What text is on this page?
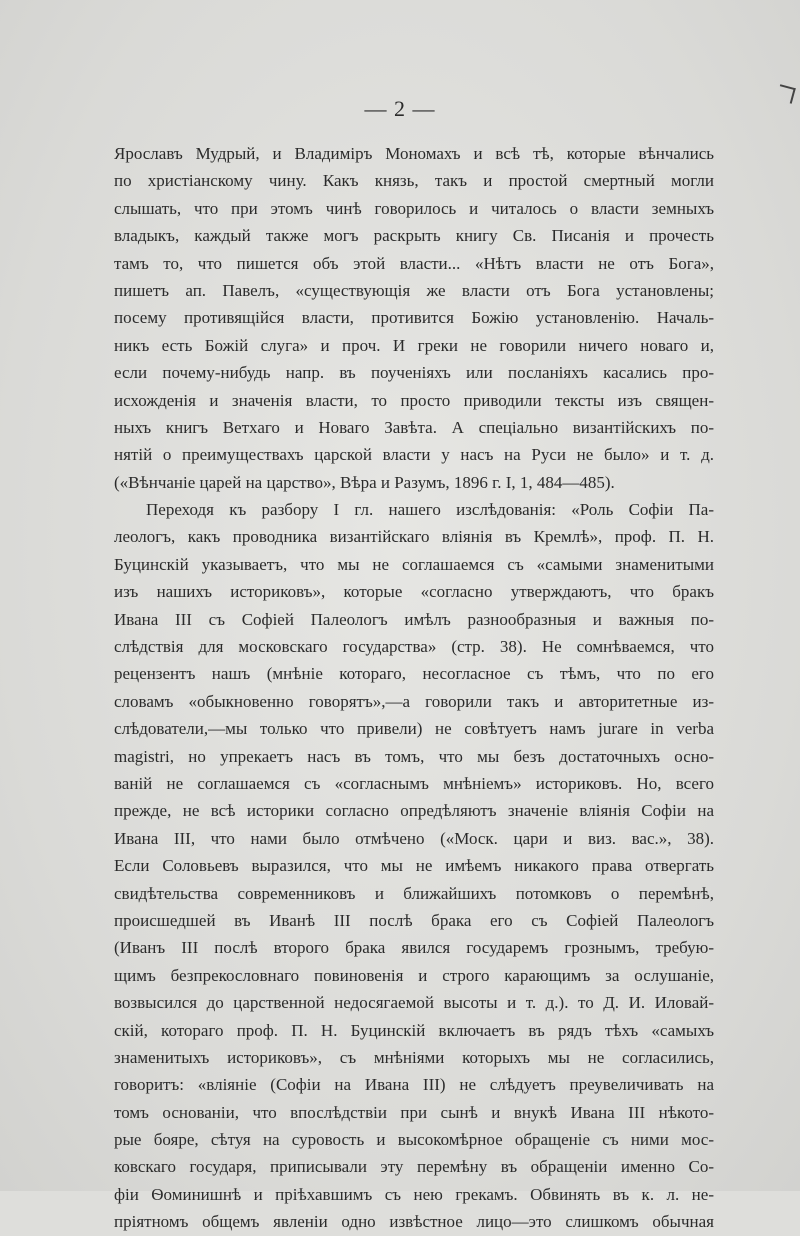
— 2 —
Ярославъ Мудрый, и Владиміръ Мономахъ и всѣ тѣ, которые вѣнчались
по христіанскому чину. Какъ князь, такъ и простой смертный могли
слышать, что при этомъ чинѣ говорилось и читалось о власти земныхъ
владыкъ, каждый также могъ раскрыть книгу Св. Писанія и прочесть
тамъ то, что пишется объ этой власти... «Нѣтъ власти не отъ Бога»,
пишетъ ап. Павелъ, «существующія же власти отъ Бога установлены;
посему противящійся власти, противится Божію установленію. Началь-
никъ есть Божій слуга» и проч. И греки не говорили ничего новаго и,
если почему-нибудь напр. въ поученіяхъ или посланіяхъ касались про-
исхожденія и значенія власти, то просто приводили тексты изъ священ-
ныхъ книгъ Ветхаго и Новаго Завѣта. А спеціально византійскихъ по-
нятій о преимуществахъ царской власти у насъ на Руси не было» и т. д.
(«Вѣнчаніе царей на царство», Вѣра и Разумъ, 1896 г. I, 1, 484—485).
Переходя къ разбору I гл. нашего изслѣдованія: «Роль Софіи Па-
леологъ, какъ проводника византійскаго вліянія въ Кремлѣ», проф. П. Н.
Буцинскій указываетъ, что мы не соглашаемся съ «самыми знаменитыми
изъ нашихъ историковъ», которые «согласно утверждаютъ, что бракъ
Ивана III съ Софіей Палеологъ имѣлъ разнообразныя и важныя по-
слѣдствія для московскаго государства» (стр. 38). Не сомнѣваемся, что
рецензентъ нашъ (мнѣніе котораго, несогласное съ тѣмъ, что по его
словамъ «обыкновенно говорятъ»,—а говорили такъ и авторитетные из-
слѣдователи,—мы только что привели) не совѣтуетъ намъ jurare in verba
magistri, но упрекаетъ насъ въ томъ, что мы безъ достаточныхъ осно-
ваній не соглашаемся съ «согласнымъ мнѣніемъ» историковъ. Но, всего
прежде, не всѣ историки согласно опредѣляютъ значеніе вліянія Софіи на
Ивана III, что нами было отмѣчено («Моск. цари и виз. вас.», 38).
Если Соловьевъ выразился, что мы не имѣемъ никакого права отвергать
свидѣтельства современниковъ и ближайшихъ потомковъ о перемѣнѣ,
происшедшей въ Иванѣ III послѣ брака его съ Софіей Палеологъ
(Иванъ III послѣ второго брака явился государемъ грознымъ, требую-
щимъ безпрекословнаго повиновенія и строго карающимъ за ослушаніе,
возвысился до царственной недосягаемой высоты и т. д.). то Д. И. Иловай-
скій, котораго проф. П. Н. Буцинскій включаетъ въ рядъ тѣхъ «самыхъ
знаменитыхъ историковъ», съ мнѣніями которыхъ мы не согласились,
говоритъ: «вліяніе (Софіи на Ивана III) не слѣдуетъ преувеличивать на
томъ основаніи, что впослѣдствіи при сынѣ и внукѣ Ивана III нѣкото-
рые бояре, сѣтуя на суровость и высокомѣрное обращеніе съ ними мос-
ковскаго государя, приписывали эту перемѣну въ обращеніи именно Со-
фіи Ѳоминишнѣ и пріѣхавшимъ съ нею грекамъ. Обвинять въ к. л. не-
пріятномъ общемъ явленіи одно извѣстное лицо—это слишкомъ обычная
